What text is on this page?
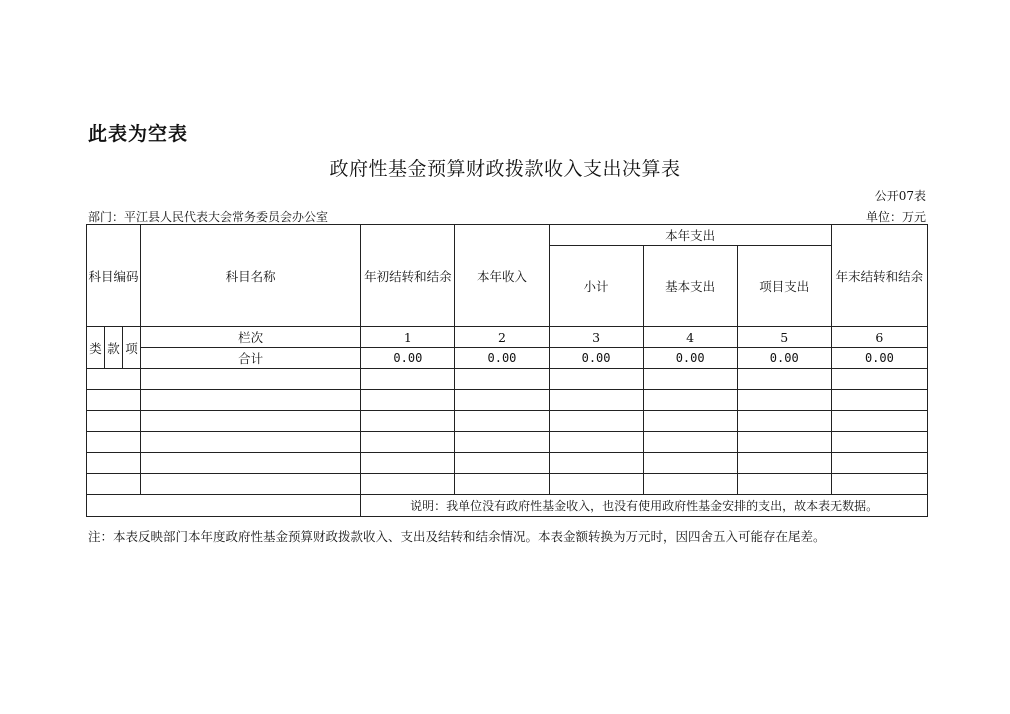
此表为空表
政府性基金预算财政拨款收入支出决算表
公开07表
部门：平江县人民代表大会常务委员会办公室	单位：万元
科目编码			科目名称	年初结转和结余	本年收入	本年支出			年末结转和结余
						小计	基本支出	项目支出	
类	款	项	栏次	1	2	3	4	5	6
			合计	0.00	0.00	0.00	0.00	0.00	0.00

				说明：我单位没有政府性基金收入，也没有使用政府性基金安排的支出，故本表无数据。					
注：本表反映部门本年度政府性基金预算财政拨款收入、支出及结转和结余情况。本表金额转换为万元时，因四舍五入可能存在尾差。
